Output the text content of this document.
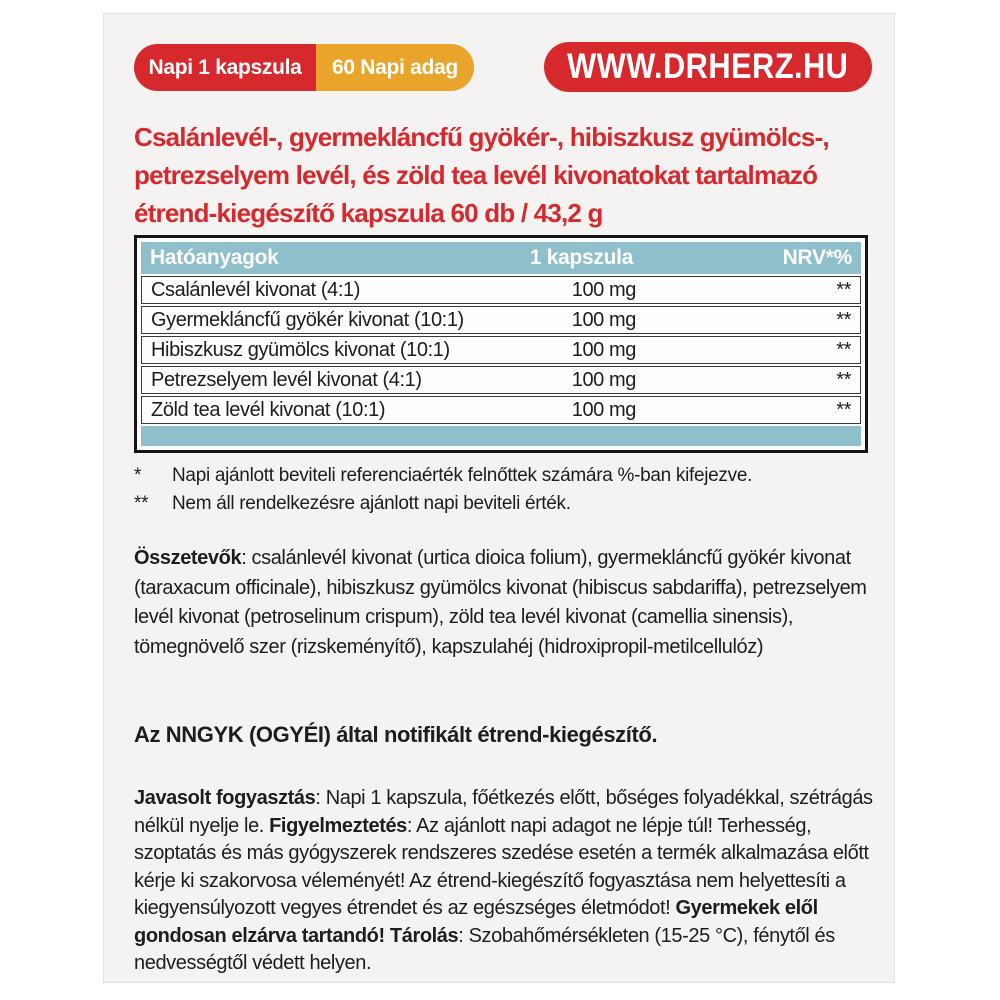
Napi 1 kapszula 60 Napi adag	WWW.DRHERZ.HU
Csalánlevél-, gyermekláncfű gyökér-, hibiszkusz gyümölcs-, petrezselyem levél, és zöld tea levél kivonatokat tartalmazó étrend-kiegészítő kapszula 60 db / 43,2 g
Hatóanyagok	1 kapszula	NRV*%
Csalánlevél kivonat (4:1)	100 mg	**
Gyermekláncfű gyökér kivonat (10:1)	100 mg	**
Hibiszkusz gyümölcs kivonat (10:1)	100 mg	**
Petrezselyem levél kivonat (4:1)	100 mg	**
Zöld tea levél kivonat (10:1)	100 mg	**
*	Napi ajánlott beviteli referenciaérték felnőttek számára %-ban kifejezve.
**	Nem áll rendelkezésre ajánlott napi beviteli érték.
Összetevők: csalánlevél kivonat (urtica dioica folium), gyermekláncfű gyökér kivonat (taraxacum officinale), hibiszkusz gyümölcs kivonat (hibiscus sabdariffa), petrezselyem levél kivonat (petroselinum crispum), zöld tea levél kivonat (camellia sinensis), tömegnövelő szer (rizskeményítő), kapszulahéj (hidroxipropil-metilcellulóz)
Az NNGYK (OGYÉI) által notifikált étrend-kiegészítő.
Javasolt fogyasztás: Napi 1 kapszula, főétkezés előtt, bőséges folyadékkal, szétrágás nélkül nyelje le. Figyelmeztetés: Az ajánlott napi adagot ne lépje túl! Terhesség, szoptatás és más gyógyszerek rendszeres szedése esetén a termék alkalmazása előtt kérje ki szakorvosa véleményét! Az étrend-kiegészítő fogyasztása nem helyettesíti a kiegyensúlyozott vegyes étrendet és az egészséges életmódot! Gyermekek elől gondosan elzárva tartandó! Tárolás: Szobahőmérsékleten (15-25 °C), fénytől és nedvességtől védett helyen.
